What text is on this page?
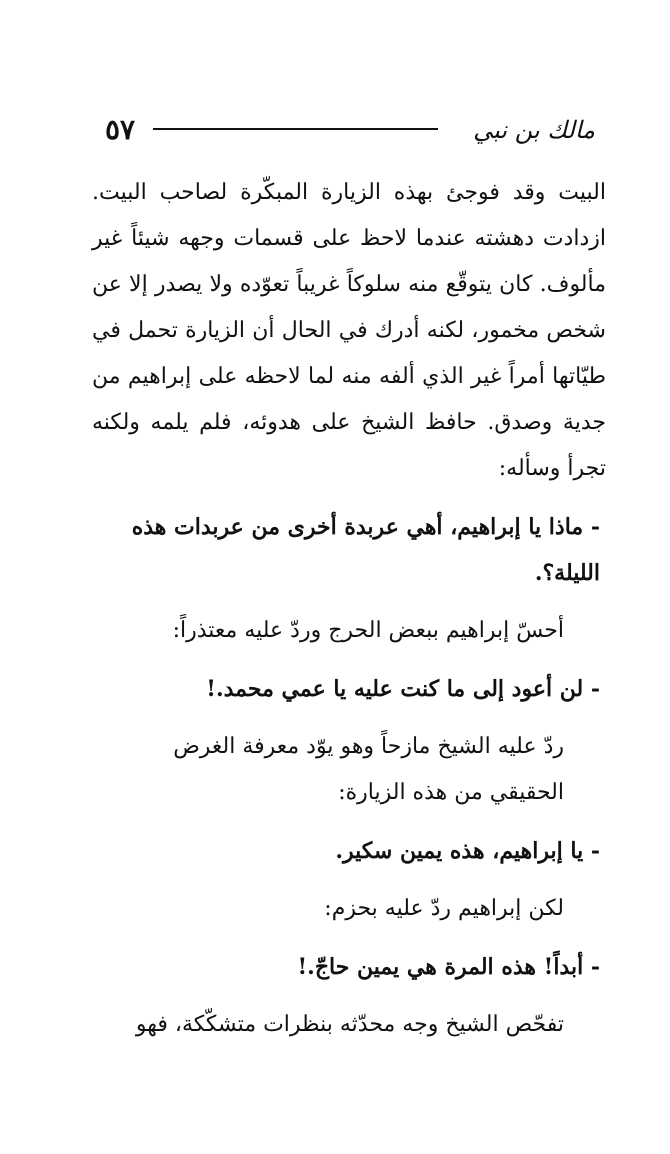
٥٧	مالك بن نبي

البيت وقد فوجئ بهذه الزيارة المبكّرة لصاحب البيت. ازدادت دهشته عندما لاحظ على قسمات وجهه شيئاً غير مألوف. كان يتوقّع منه سلوكاً غريباً تعوّده ولا يصدر إلا عن شخص مخمور، لكنه أدرك في الحال أن الزيارة تحمل في طيّاتها أمراً غير الذي ألفه منه لما لاحظه على إبراهيم من جدية وصدق. حافظ الشيخ على هدوئه، فلم يلمه ولكنه تجرأ وسأله:

- ماذا يا إبراهيم، أهي عربدة أخرى من عربدات هذه الليلة؟.

أحسّ إبراهيم ببعض الحرج وردّ عليه معتذراً:

- لن أعود إلى ما كنت عليه يا عمي محمد.!

ردّ عليه الشيخ مازحاً وهو يوّد معرفة الغرض الحقيقي من هذه الزيارة:

- يا إبراهيم، هذه يمين سكير.

لكن إبراهيم ردّ عليه بحزم:

- أبداً! هذه المرة هي يمين حاجّ.!

تفحّص الشيخ وجه محدّثه بنظرات متشكّكة، فهو
